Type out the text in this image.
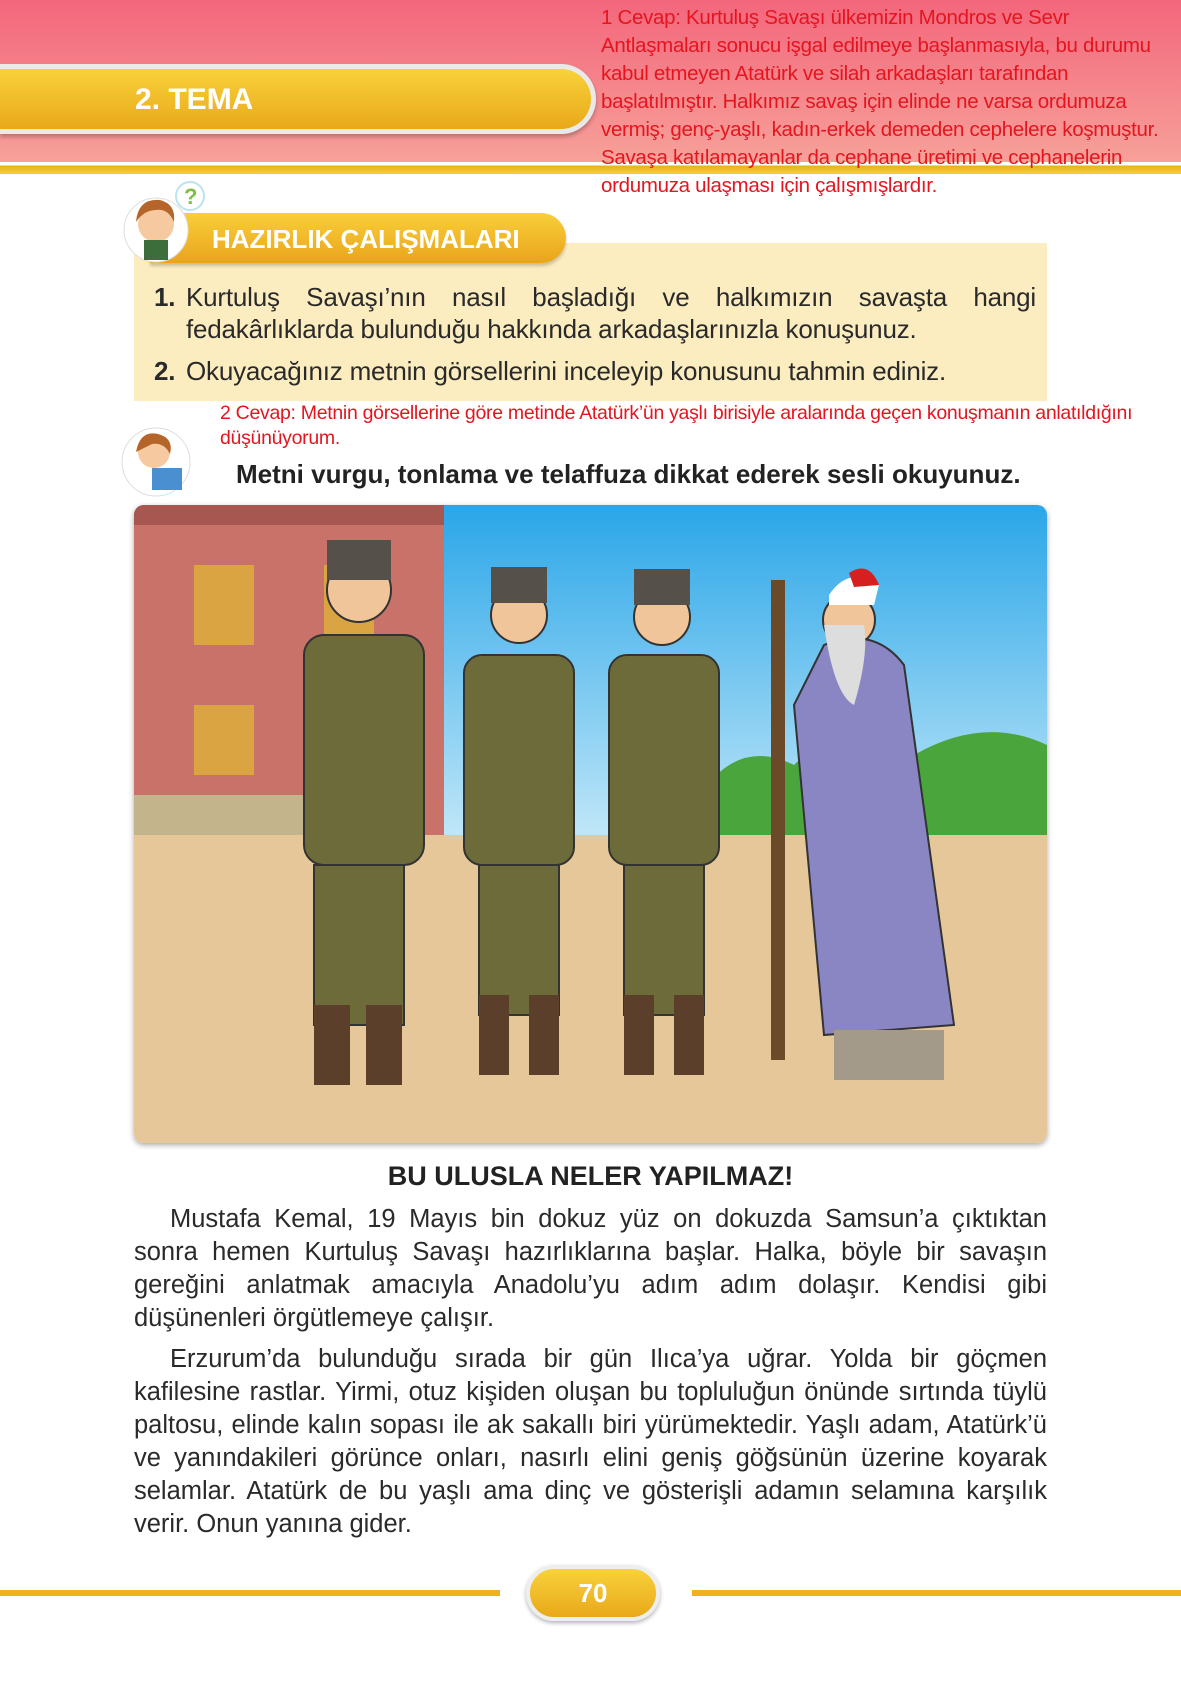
2. TEMA
1 Cevap: Kurtuluş Savaşı ülkemizin Mondros ve Sevr Antlaşmaları sonucu işgal edilmeye başlanmasıyla, bu durumu kabul etmeyen Atatürk ve silah arkadaşları tarafından başlatılmıştır. Halkımız savaş için elinde ne varsa ordumuza vermiş; genç-yaşlı, kadın-erkek demeden cephelere koşmuştur. Savaşa katılamayanlar da cephane üretimi ve cephanelerin ordumuza ulaşması için çalışmışlardır.
?
HAZIRLIK ÇALIŞMALARI
1. Kurtuluş Savaşı’nın nasıl başladığı ve halkımızın savaşta hangi fedakârlıklarda bulunduğu hakkında arkadaşlarınızla konuşunuz.
2. Okuyacağınız metnin görsellerini inceleyip konusunu tahmin ediniz.
2 Cevap: Metnin görsellerine göre metinde Atatürk’ün yaşlı birisiyle aralarında geçen konuşmanın anlatıldığını düşünüyorum.
Metni vurgu, tonlama ve telaffuza dikkat ederek sesli okuyunuz.
BU ULUSLA NELER YAPILMAZ!
Mustafa Kemal, 19 Mayıs bin dokuz yüz on dokuzda Samsun’a çıktıktan sonra hemen Kurtuluş Savaşı hazırlıklarına başlar. Halka, böyle bir savaşın gereğini anlatmak amacıyla Anadolu’yu adım adım dolaşır. Kendisi gibi düşünenleri örgütlemeye çalışır.
Erzurum’da bulunduğu sırada bir gün Ilıca’ya uğrar. Yolda bir göçmen kafilesine rastlar. Yirmi, otuz kişiden oluşan bu topluluğun önünde sırtında tüylü paltosu, elinde kalın sopası ile ak sakallı biri yürümektedir. Yaşlı adam, Atatürk’ü ve yanındakileri görünce onları, nasırlı elini geniş göğsünün üzerine koyarak selamlar. Atatürk de bu yaşlı ama dinç ve gösterişli adamın selamına karşılık verir. Onun yanına gider.
70
